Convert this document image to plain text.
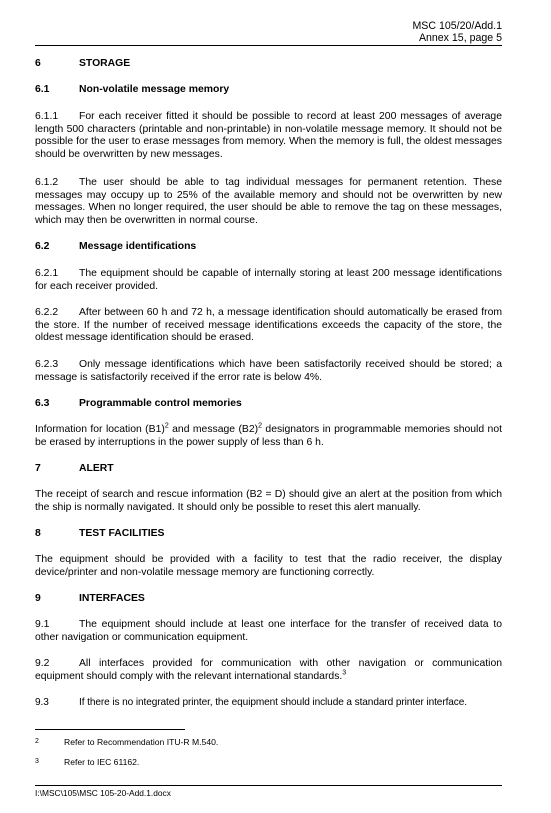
MSC 105/20/Add.1
Annex 15, page 5
6	STORAGE
6.1	Non-volatile message memory

6.1.1 For each receiver fitted it should be possible to record at least 200 messages of average length 500 characters (printable and non-printable) in non-volatile message memory. It should not be possible for the user to erase messages from memory. When the memory is full, the oldest messages should be overwritten by new messages.

6.1.2 The user should be able to tag individual messages for permanent retention. These messages may occupy up to 25% of the available memory and should not be overwritten by new messages. When no longer required, the user should be able to remove the tag on these messages, which may then be overwritten in normal course.

6.2	Message identifications

6.2.1 The equipment should be capable of internally storing at least 200 message identifications for each receiver provided.

6.2.2 After between 60 h and 72 h, a message identification should automatically be erased from the store. If the number of received message identifications exceeds the capacity of the store, the oldest message identification should be erased.

6.2.3 Only message identifications which have been satisfactorily received should be stored; a message is satisfactorily received if the error rate is below 4%.

6.3	Programmable control memories

Information for location $(B1)^2$ and message $(B2)^2$ designators in programmable memories should not be erased by interruptions in the power supply of less than 6 h.

7	ALERT

The receipt of search and rescue information (B2 = D) should give an alert at the position from which the ship is normally navigated. It should only be possible to reset this alert manually.

8	TEST FACILITIES

The equipment should be provided with a facility to test that the radio receiver, the display device/printer and non-volatile message memory are functioning correctly.

9	INTERFACES

9.1	The equipment should include at least one interface for the transfer of received data to other navigation or communication equipment.

9.2	All interfaces provided for communication with other navigation or communication equipment should comply with the relevant international standards.$^3$

9.3	If there is no integrated printer, the equipment should include a standard printer interface.

2	Refer to Recommendation ITU-R M.540.
3	Refer to IEC 61162.
I:\MSC\105\MSC 105-20-Add.1.docx
